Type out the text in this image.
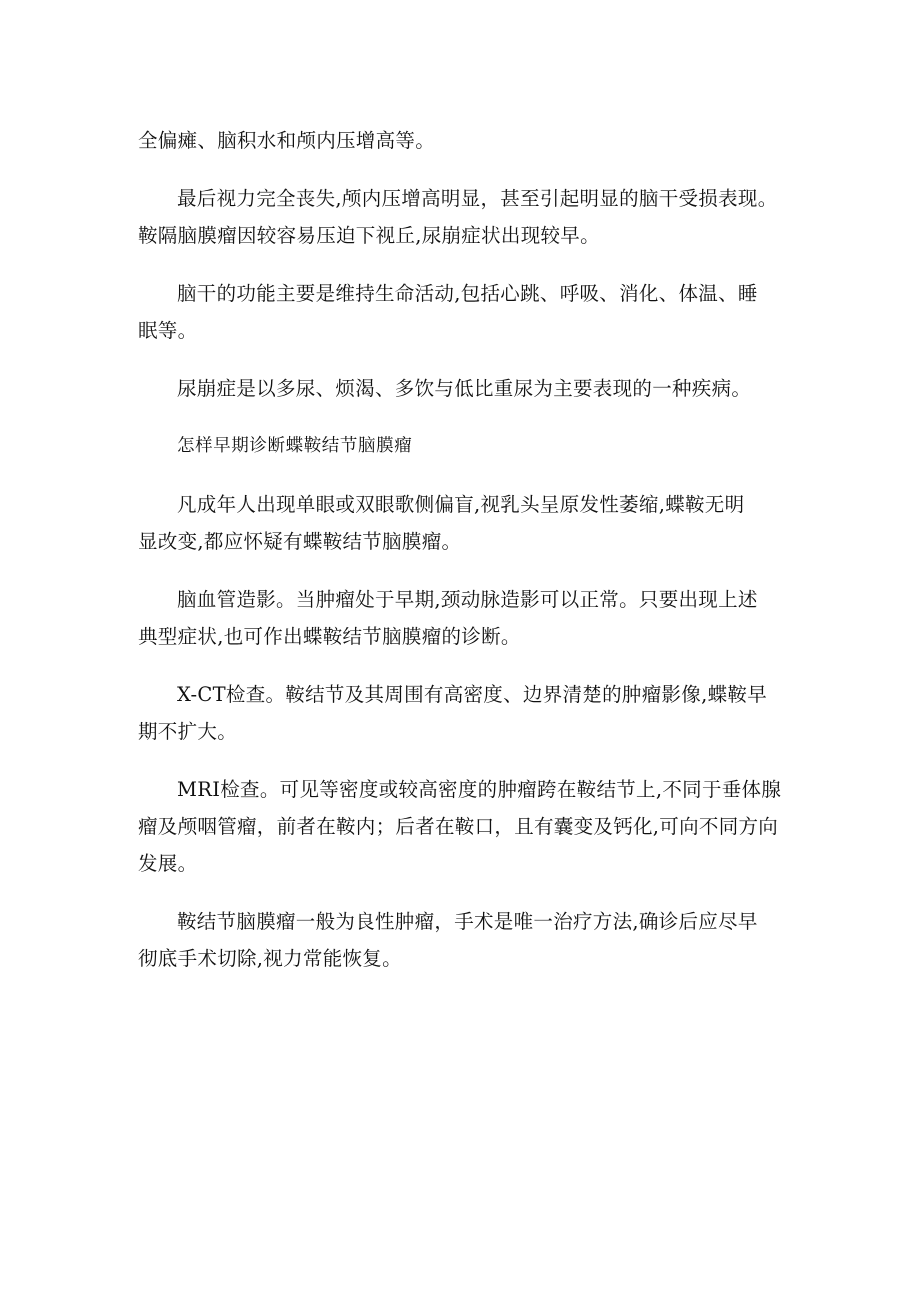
全偏瘫、脑积水和颅内压增高等。

最后视力完全丧失,颅内压增高明显，甚至引起明显的脑干受损表现。
鞍隔脑膜瘤因较容易压迫下视丘,尿崩症状出现较早。

脑干的功能主要是维持生命活动,包括心跳、呼吸、消化、体温、睡
眠等。

尿崩症是以多尿、烦渴、多饮与低比重尿为主要表现的一种疾病。

怎样早期诊断蝶鞍结节脑膜瘤

凡成年人出现单眼或双眼歌侧偏盲,视乳头呈原发性萎缩,蝶鞍无明
显改变,都应怀疑有蝶鞍结节脑膜瘤。

脑血管造影。当肿瘤处于早期,颈动脉造影可以正常。只要出现上述
典型症状,也可作出蝶鞍结节脑膜瘤的诊断。

X-CT检查。鞍结节及其周围有高密度、边界清楚的肿瘤影像,蝶鞍早
期不扩大。

MRI检查。可见等密度或较高密度的肿瘤跨在鞍结节上,不同于垂体腺
瘤及颅咽管瘤，前者在鞍内；后者在鞍口，且有囊变及钙化,可向不同方向
发展。

鞍结节脑膜瘤一般为良性肿瘤，手术是唯一治疗方法,确诊后应尽早
彻底手术切除,视力常能恢复。
